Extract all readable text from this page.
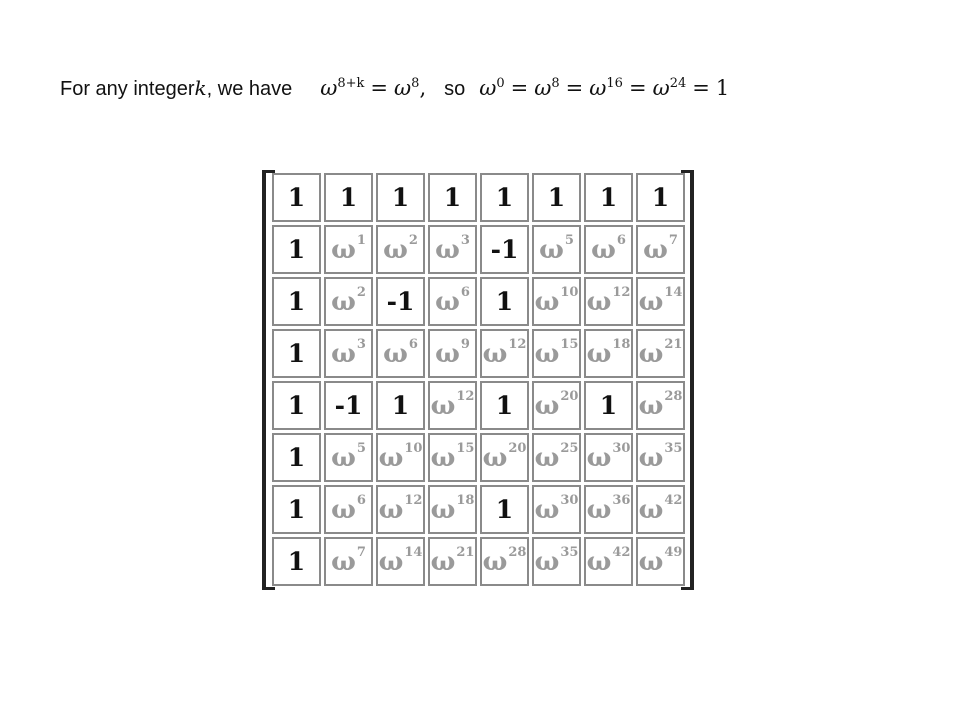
For any integer k , we have $\omega^{8+k} = \omega^8$ , so $\omega^0 = \omega^8 = \omega^{16} = \omega^{24} = 1$
1	1	1	1	1	1	1	1
1 ω 1 ω 2 ω 3 -1 ω 5 ω 6 ω 7
1 ω 2 -1 ω 6	1 ω 10 ω 12 ω 14
1 ω 3 ω 6 ω 9 ω 12 ω 15 ω 18 ω 21
1	-1	1 ω 12 1 ω 20 1 ω 28
1 ω 5 ω 10 ω 15 ω 20 ω 25 ω 30 ω 35
1 ω 6 ω 12 ω 18 1 ω 30 ω 36 ω 42
1 ω 7 ω 14 ω 21 ω 28 ω 35 ω 42 ω 49
